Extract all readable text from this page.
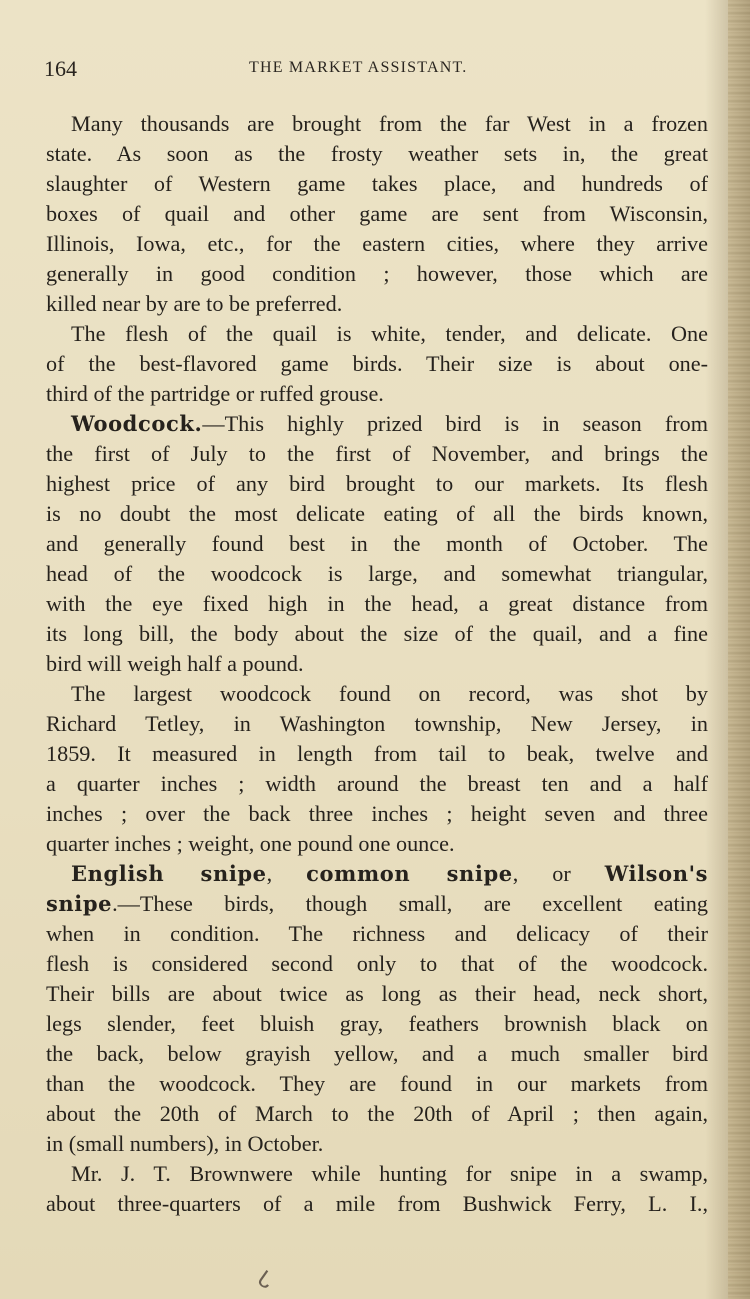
164	THE MARKET ASSISTANT.
Many thousands are brought from the far West in a frozen
state. As soon as the frosty weather sets in, the great
slaughter of Western game takes place, and hundreds of
boxes of quail and other game are sent from Wisconsin,
Illinois, Iowa, etc., for the eastern cities, where they arrive
generally in good condition ; however, those which are
killed near by are to be preferred.
The flesh of the quail is white, tender, and delicate. One
of the best-flavored game birds. Their size is about one-
third of the partridge or ruffed grouse.
Woodcock.—This highly prized bird is in season from
the first of July to the first of November, and brings the
highest price of any bird brought to our markets. Its flesh
is no doubt the most delicate eating of all the birds known,
and generally found best in the month of October. The
head of the woodcock is large, and somewhat triangular,
with the eye fixed high in the head, a great distance from
its long bill, the body about the size of the quail, and a fine
bird will weigh half a pound.
The largest woodcock found on record, was shot by
Richard Tetley, in Washington township, New Jersey, in
1859. It measured in length from tail to beak, twelve and
a quarter inches ; width around the breast ten and a half
inches ; over the back three inches ; height seven and three
quarter inches ; weight, one pound one ounce.
English snipe, common snipe, or Wilson's
snipe.—These birds, though small, are excellent eating
when in condition. The richness and delicacy of their
flesh is considered second only to that of the woodcock.
Their bills are about twice as long as their head, neck short,
legs slender, feet bluish gray, feathers brownish black on
the back, below grayish yellow, and a much smaller bird
than the woodcock. They are found in our markets from
about the 20th of March to the 20th of April ; then again,
in (small numbers), in October.
Mr. J. T. Brownwere while hunting for snipe in a swamp,
about three-quarters of a mile from Bushwick Ferry, L. I.,
ᒐ
